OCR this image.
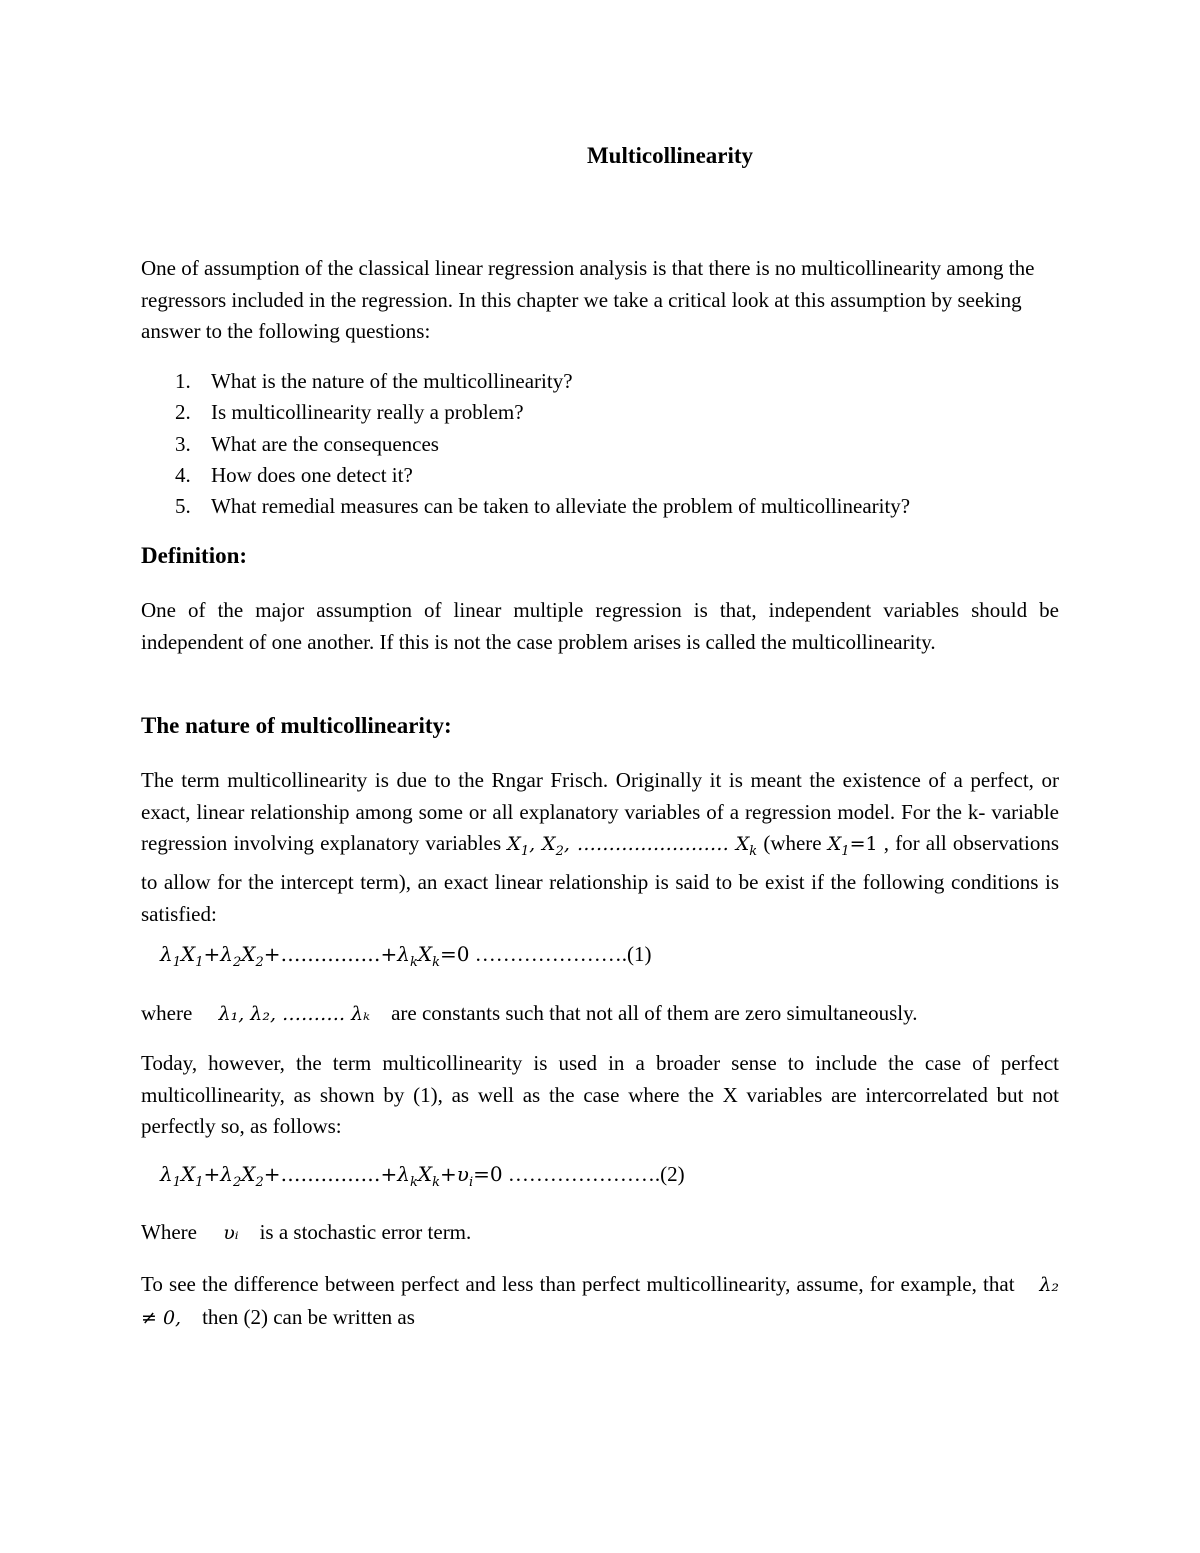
Multicollinearity

One of assumption of the classical linear regression analysis is that there is no multicollinearity among the regressors included in the regression. In this chapter we take a critical look at this assumption by seeking answer to the following questions:

1. What is the nature of the multicollinearity?
2. Is multicollinearity really a problem?
3. What are the consequences
4. How does one detect it?
5. What remedial measures can be taken to alleviate the problem of multicollinearity?
Definition:

One of the major assumption of linear multiple regression is that, independent variables should be independent of one another. If this is not the case problem arises is called the multicollinearity.

The nature of multicollinearity:

The term multicollinearity is due to the Rngar Frisch. Originally it is meant the existence of a perfect, or exact, linear relationship among some or all explanatory variables of a regression model. For the k- variable regression involving explanatory variables $X_1$, $X_2$, …………………… $X_k$ (where $X_1=1$ , for all observations to allow for the intercept term), an exact linear relationship is said to be exist if the following conditions is satisfied:

$\lambda_1X_1+\lambda_2X_2+\dots\dots\dots\dots\dots+\lambda_kX_k=0$ ………………….(1)

where λ₁, λ₂, ………. λₖ are constants such that not all of them are zero simultaneously.

Today, however, the term multicollinearity is used in a broader sense to include the case of perfect multicollinearity, as shown by (1), as well as the case where the X variables are intercorrelated but not perfectly so, as follows:

$\lambda_1X_1+\lambda_2X_2+\dots\dots\dots\dots\dots+\lambda_kX_k+\upsilon_i=0$ ………………….(2)

Where υᵢ is a stochastic error term.

To see the difference between perfect and less than perfect multicollinearity, assume, for example, that λ₂ ≠ 0, then (2) can be written as
